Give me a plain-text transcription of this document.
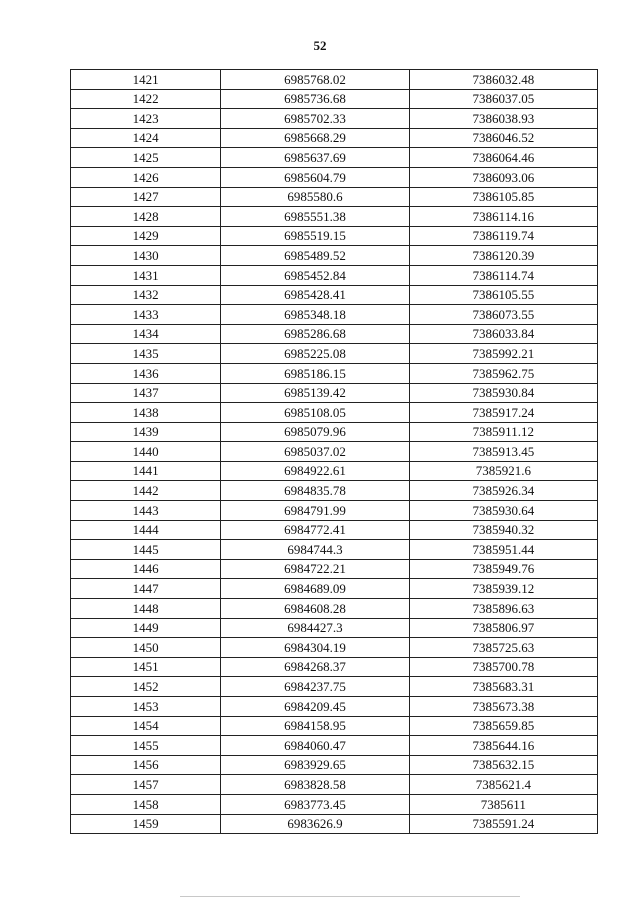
52
1421	6985768.02	7386032.48
1422	6985736.68	7386037.05
1423	6985702.33	7386038.93
1424	6985668.29	7386046.52
1425	6985637.69	7386064.46
1426	6985604.79	7386093.06
1427	6985580.6	7386105.85
1428	6985551.38	7386114.16
1429	6985519.15	7386119.74
1430	6985489.52	7386120.39
1431	6985452.84	7386114.74
1432	6985428.41	7386105.55
1433	6985348.18	7386073.55
1434	6985286.68	7386033.84
1435	6985225.08	7385992.21
1436	6985186.15	7385962.75
1437	6985139.42	7385930.84
1438	6985108.05	7385917.24
1439	6985079.96	7385911.12
1440	6985037.02	7385913.45
1441	6984922.61	7385921.6
1442	6984835.78	7385926.34
1443	6984791.99	7385930.64
1444	6984772.41	7385940.32
1445	6984744.3	7385951.44
1446	6984722.21	7385949.76
1447	6984689.09	7385939.12
1448	6984608.28	7385896.63
1449	6984427.3	7385806.97
1450	6984304.19	7385725.63
1451	6984268.37	7385700.78
1452	6984237.75	7385683.31
1453	6984209.45	7385673.38
1454	6984158.95	7385659.85
1455	6984060.47	7385644.16
1456	6983929.65	7385632.15
1457	6983828.58	7385621.4
1458	6983773.45	7385611
1459	6983626.9	7385591.24
